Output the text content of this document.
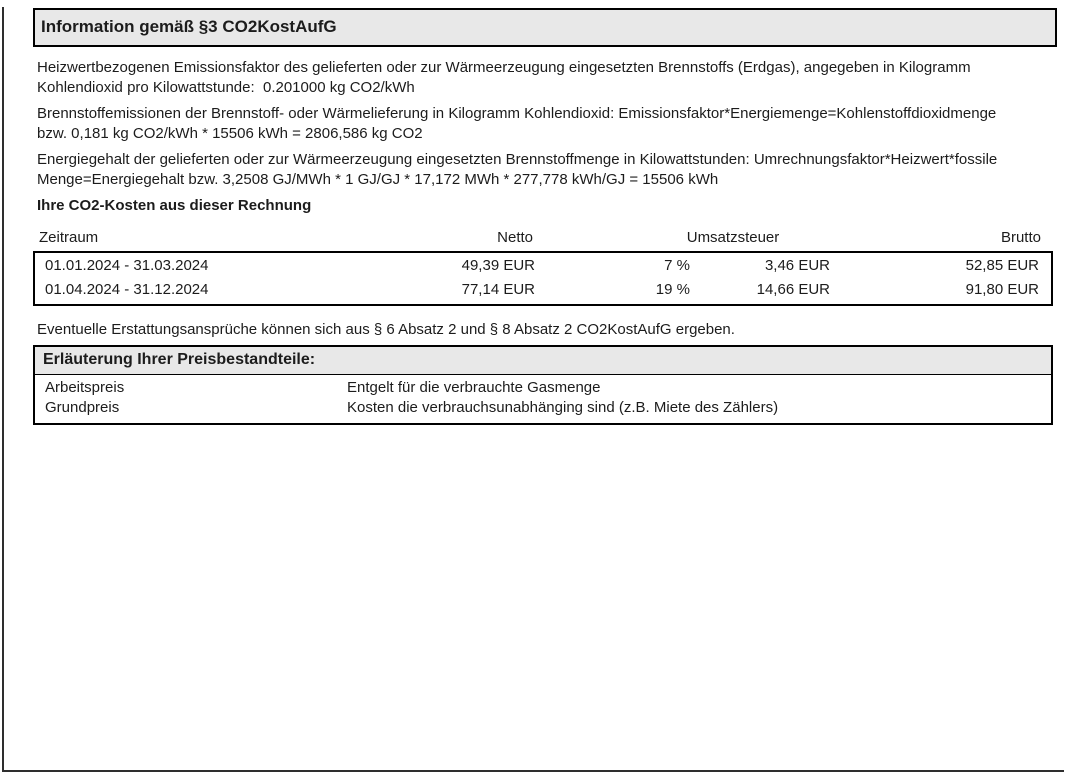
Information gemäß §3 CO2KostAufG
Heizwertbezogenen Emissionsfaktor des gelieferten oder zur Wärmeerzeugung eingesetzten Brennstoffs (Erdgas), angegeben in Kilogramm
Kohlendioxid pro Kilowattstunde:  0.201000 kg CO2/kWh
Brennstoffemissionen der Brennstoff- oder Wärmelieferung in Kilogramm Kohlendioxid: Emissionsfaktor*Energiemenge=Kohlenstoffdioxidmenge
bzw. 0,181 kg CO2/kWh * 15506 kWh = 2806,586 kg CO2
Energiegehalt der gelieferten oder zur Wärmeerzeugung eingesetzten Brennstoffmenge in Kilowattstunden: Umrechnungsfaktor*Heizwert*fossile
Menge=Energiegehalt bzw. 3,2508 GJ/MWh * 1 GJ/GJ * 17,172 MWh * 277,778 kWh/GJ = 15506 kWh
Ihre CO2-Kosten aus dieser Rechnung
Zeitraum	Netto	Umsatzsteuer	Brutto
01.01.2024 - 31.03.2024	49,39 EUR	7 %	3,46 EUR	52,85 EUR
01.04.2024 - 31.12.2024	77,14 EUR	19 %	14,66 EUR	91,80 EUR
Eventuelle Erstattungsansprüche können sich aus § 6 Absatz 2 und § 8 Absatz 2 CO2KostAufG ergeben.
Erläuterung Ihrer Preisbestandteile:
Arbeitspreis	Entgelt für die verbrauchte Gasmenge
Grundpreis	Kosten die verbrauchsunabhänging sind (z.B. Miete des Zählers)
